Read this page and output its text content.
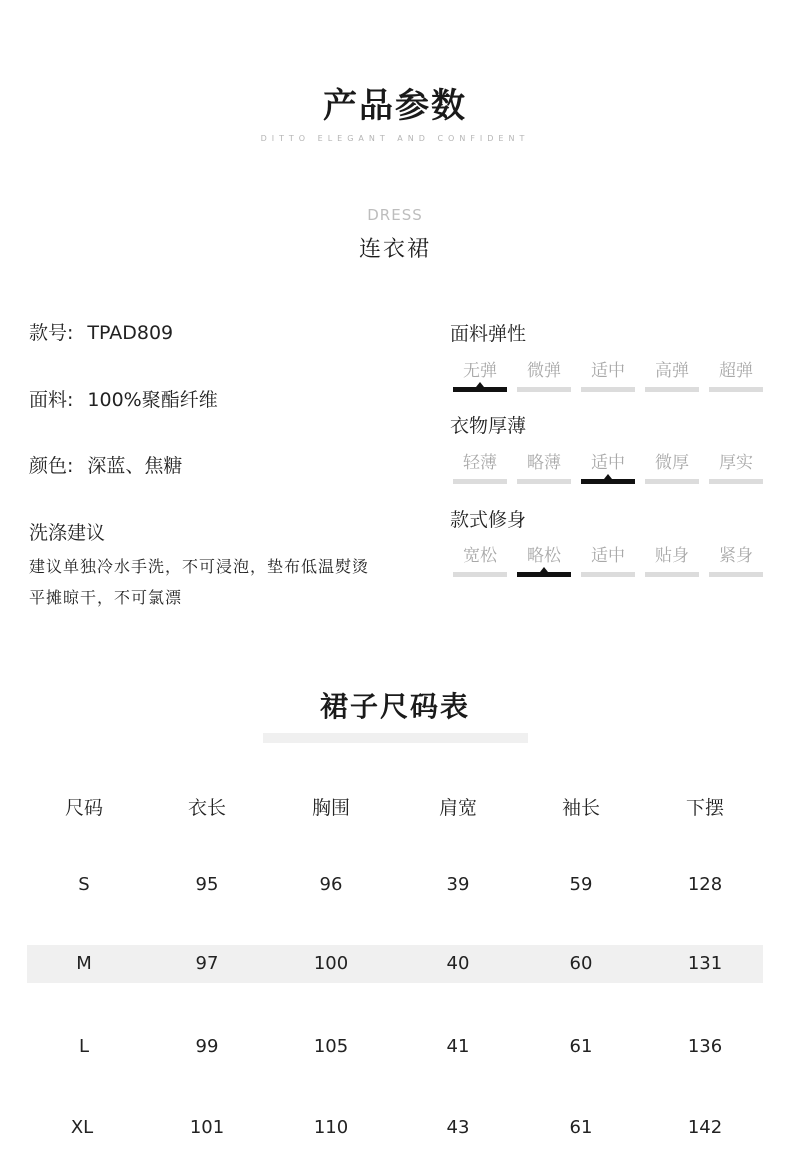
产品参数
DITTO ELEGANT AND CONFIDENT
DRESS
连衣裙
款号: TPAD809
面料: 100%聚酯纤维
颜色: 深蓝、焦糖
洗涤建议
建议单独冷水手洗，不可浸泡，垫布低温熨烫
平摊晾干，不可氯漂
面料弹性
无弹	微弹	适中	高弹	超弹
衣物厚薄
轻薄	略薄	适中	微厚	厚实
款式修身
宽松	略松	适中	贴身	紧身
裙子尺码表
尺码	衣长	胸围	肩宽	袖长	下摆
S	95	96	39	59	128
M	97	100	40	60	131
L	99	105	41	61	136
XL	101	110	43	61	142
